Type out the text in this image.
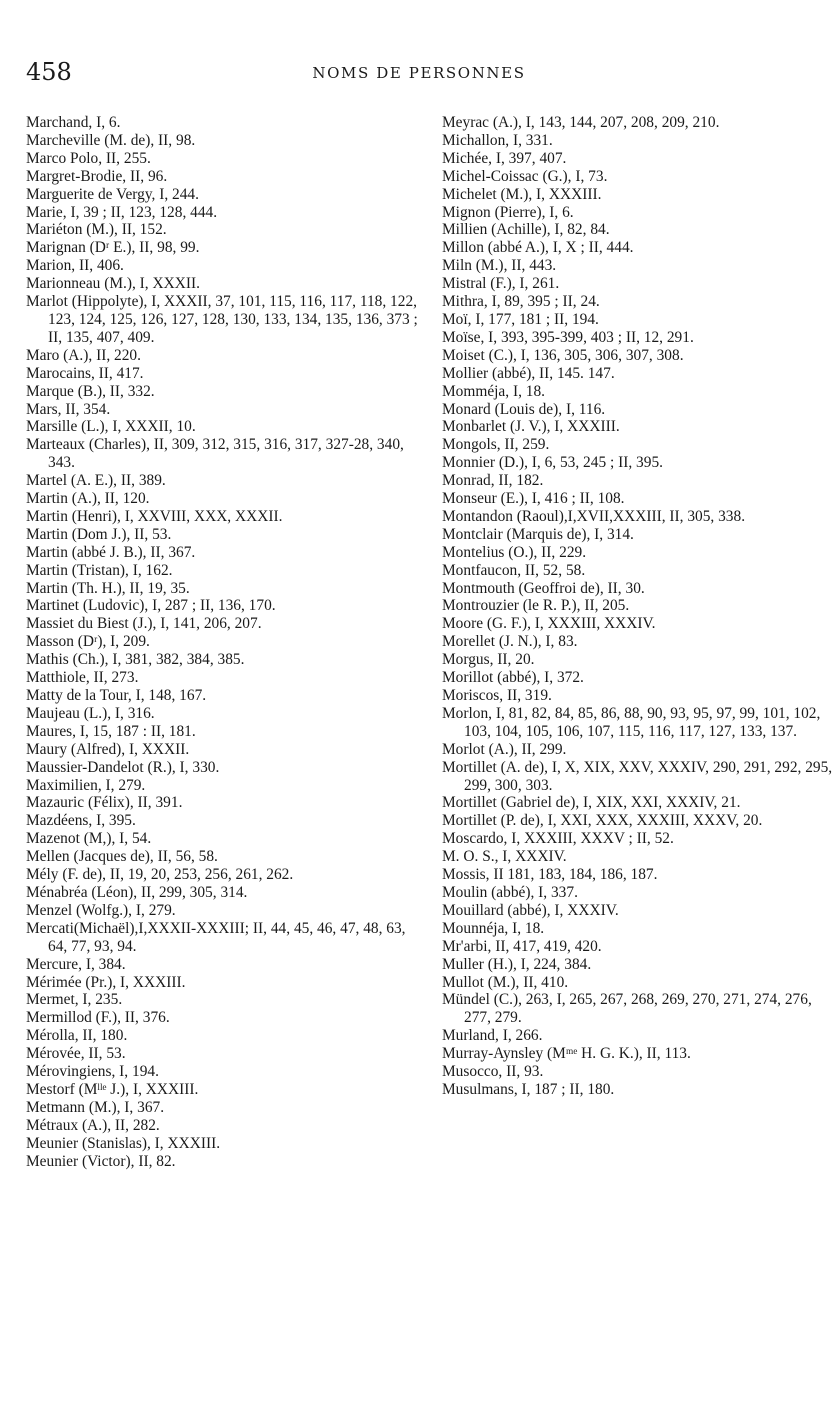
458	NOMS DE PERSONNES

Marchand, I, 6.

Marcheville (M. de), II, 98.

Marco Polo, II, 255.

Margret-Brodie, II, 96.

Marguerite de Vergy, I, 244.

Marie, I, 39 ; II, 123, 128, 444.

Mariéton (M.), II, 152.

Marignan (Dʳ E.), II, 98, 99.

Marion, II, 406.

Marionneau (M.), I, XXXII.

Marlot (Hippolyte), I, XXXII, 37, 101, 115, 116, 117, 118, 122, 123, 124, 125, 126, 127, 128, 130, 133, 134, 135, 136, 373 ; II, 135, 407, 409.

Maro (A.), II, 220.

Marocains, II, 417.

Marque (B.), II, 332.

Mars, II, 354.

Marsille (L.), I, XXXII, 10.

Marteaux (Charles), II, 309, 312, 315, 316, 317, 327-28, 340, 343.

Martel (A. E.), II, 389.

Martin (A.), II, 120.

Martin (Henri), I, XXVIII, XXX, XXXII.

Martin (Dom J.), II, 53.

Martin (abbé J. B.), II, 367.

Martin (Tristan), I, 162.

Martin (Th. H.), II, 19, 35.

Martinet (Ludovic), I, 287 ; II, 136, 170.

Massiet du Biest (J.), I, 141, 206, 207.

Masson (Dʳ), I, 209.

Mathis (Ch.), I, 381, 382, 384, 385.

Matthiole, II, 273.

Matty de la Tour, I, 148, 167.

Maujeau (L.), I, 316.

Maures, I, 15, 187 : II, 181.

Maury (Alfred), I, XXXII.

Maussier-Dandelot (R.), I, 330.

Maximilien, I, 279.

Mazauric (Félix), II, 391.

Mazdéens, I, 395.

Mazenot (M,), I, 54.

Mellen (Jacques de), II, 56, 58.

Mély (F. de), II, 19, 20, 253, 256, 261, 262.

Ménabréa (Léon), II, 299, 305, 314.

Menzel (Wolfg.), I, 279.

Mercati(Michaël),I,XXXII-XXXIII; II, 44, 45, 46, 47, 48, 63, 64, 77, 93, 94.

Mercure, I, 384.

Mérimée (Pr.), I, XXXIII.

Mermet, I, 235.

Mermillod (F.), II, 376.

Mérolla, II, 180.

Mérovée, II, 53.

Mérovingiens, I, 194.

Mestorf (Mˡˡᵉ J.), I, XXXIII.

Metmann (M.), I, 367.

Métraux (A.), II, 282.

Meunier (Stanislas), I, XXXIII.

Meunier (Victor), II, 82.

Meyrac (A.), I, 143, 144, 207, 208, 209, 210.

Michallon, I, 331.

Michée, I, 397, 407.

Michel-Coissac (G.), I, 73.

Michelet (M.), I, XXXIII.

Mignon (Pierre), I, 6.

Millien (Achille), I, 82, 84.

Millon (abbé A.), I, X ; II, 444.

Miln (M.), II, 443.

Mistral (F.), I, 261.

Mithra, I, 89, 395 ; II, 24.

Moï, I, 177, 181 ; II, 194.

Moïse, I, 393, 395-399, 403 ; II, 12, 291.

Moiset (C.), I, 136, 305, 306, 307, 308.

Mollier (abbé), II, 145. 147.

Momméja, I, 18.

Monard (Louis de), I, 116.

Monbarlet (J. V.), I, XXXIII.

Mongols, II, 259.

Monnier (D.), I, 6, 53, 245 ; II, 395.

Monrad, II, 182.

Monseur (E.), I, 416 ; II, 108.

Montandon (Raoul),I,XVII,XXXIII, II, 305, 338.

Montclair (Marquis de), I, 314.

Montelius (O.), II, 229.

Montfaucon, II, 52, 58.

Montmouth (Geoffroi de), II, 30.

Montrouzier (le R. P.), II, 205.

Moore (G. F.), I, XXXIII, XXXIV.

Morellet (J. N.), I, 83.

Morgus, II, 20.

Morillot (abbé), I, 372.

Moriscos, II, 319.

Morlon, I, 81, 82, 84, 85, 86, 88, 90, 93, 95, 97, 99, 101, 102, 103, 104, 105, 106, 107, 115, 116, 117, 127, 133, 137.

Morlot (A.), II, 299.

Mortillet (A. de), I, X, XIX, XXV, XXXIV, 290, 291, 292, 295, 299, 300, 303.

Mortillet (Gabriel de), I, XIX, XXI, XXXIV, 21.

Mortillet (P. de), I, XXI, XXX, XXXIII, XXXV, 20.

Moscardo, I, XXXIII, XXXV ; II, 52.

M. O. S., I, XXXIV.

Mossis, II 181, 183, 184, 186, 187.

Moulin (abbé), I, 337.

Mouillard (abbé), I, XXXIV.

Mounnéja, I, 18.

Mr'arbi, II, 417, 419, 420.

Muller (H.), I, 224, 384.

Mullot (M.), II, 410.

Mündel (C.), 263, I, 265, 267, 268, 269, 270, 271, 274, 276, 277, 279.

Murland, I, 266.

Murray-Aynsley (Mᵐᵉ H. G. K.), II, 113.

Musocco, II, 93.

Musulmans, I, 187 ; II, 180.
